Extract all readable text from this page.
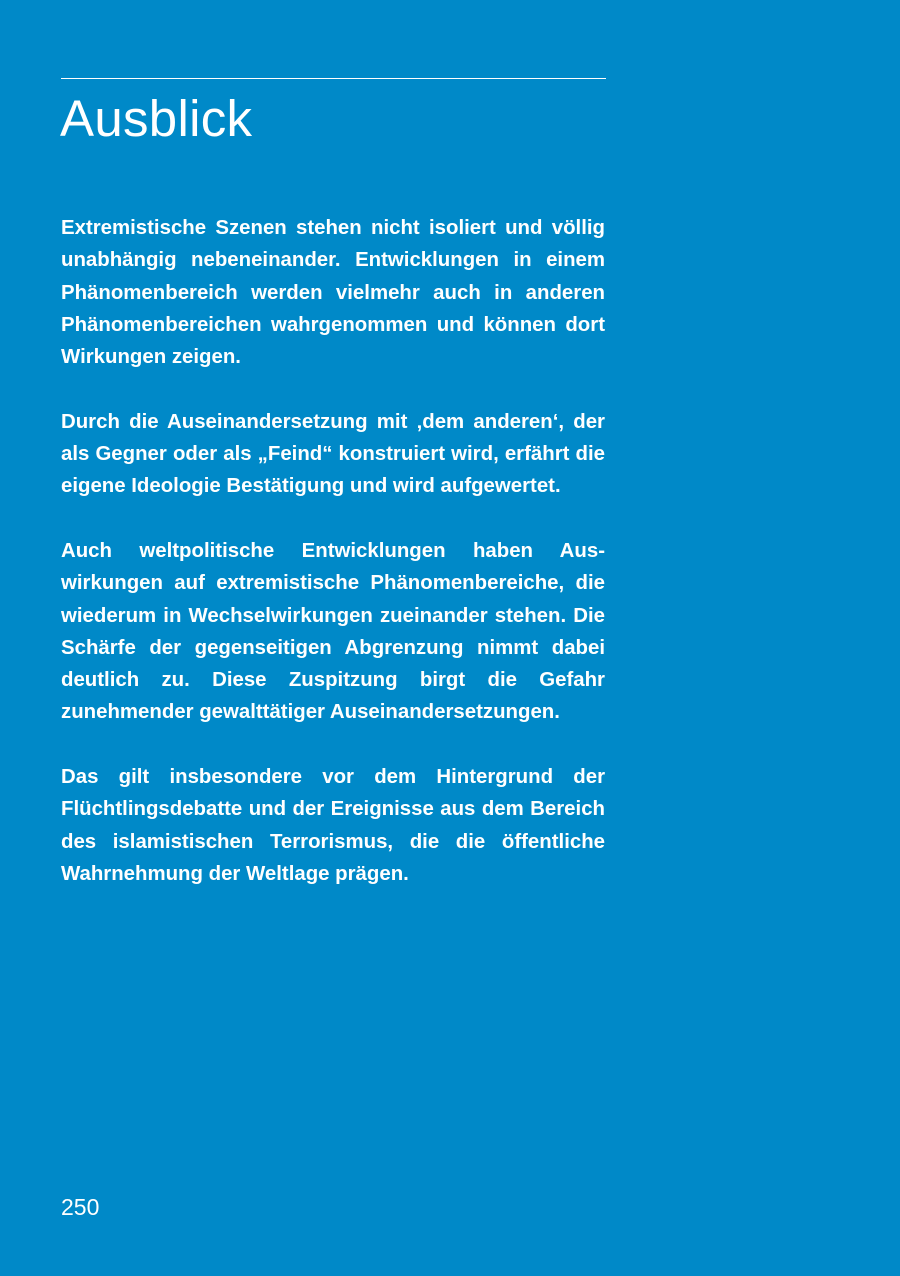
Ausblick

Extremistische Szenen stehen nicht isoliert und völlig unabhängig nebeneinander. Entwicklungen in einem Phänomenbereich werden vielmehr auch in anderen Phänomenbereichen wahrgenommen und können dort Wirkungen zeigen.

Durch die Auseinandersetzung mit ‚dem anderen‘, der als Gegner oder als „Feind“ konstruiert wird, erfährt die eigene Ideologie Bestätigung und wird aufgewertet.

Auch weltpolitische Entwicklungen haben Auswirkungen auf extremistische Phänomenbereiche, die wiederum in Wechselwirkungen zueinander stehen. Die Schärfe der gegenseitigen Abgrenzung nimmt dabei deutlich zu. Diese Zuspitzung birgt die Gefahr zunehmender gewalttätiger Auseinandersetzungen.

Das gilt insbesondere vor dem Hintergrund der Flüchtlingsdebatte und der Ereignisse aus dem Bereich des islamistischen Terrorismus, die die öffentliche Wahrnehmung der Weltlage prägen.

250
